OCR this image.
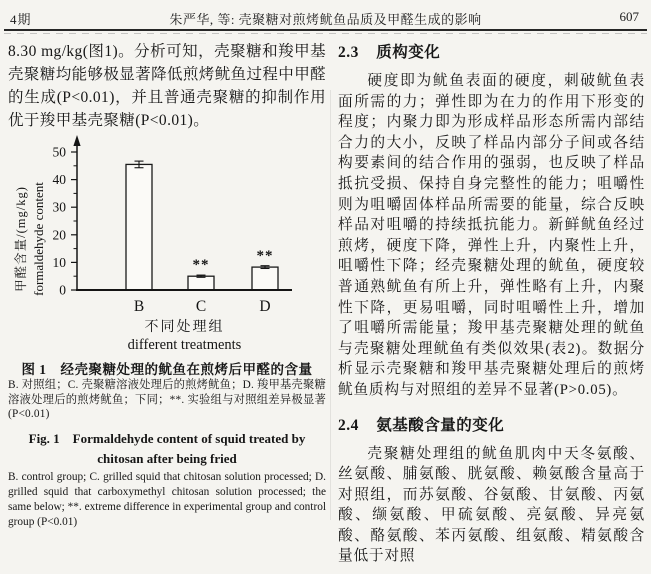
4期	朱严华, 等: 壳聚糖对煎烤鱿鱼品质及甲醛生成的影响	607

8.30 mg/kg(图1)。分析可知，壳聚糖和羧甲基壳聚糖均能够极显著降低煎烤鱿鱼过程中甲醛的生成(P<0.01)，并且普通壳聚糖的抑制作用优于羧甲基壳聚糖(P<0.01)。

B
**
C
**
D
0
10
20
30
40
50
甲醛含量/(mg/kg) formaldehyde content
不同处理组
different treatments
图 1　经壳聚糖处理的鱿鱼在煎烤后甲醛的含量
B. 对照组；C. 壳聚糖溶液处理后的煎烤鱿鱼；D. 羧甲基壳聚糖溶液处理后的煎烤鱿鱼；下同；**. 实验组与对照组差异极显著(P<0.01)
Fig. 1　Formaldehyde content of squid treated by
chitosan after being fried
B. control group; C. grilled squid that chitosan solution processed; D. grilled squid that carboxymethyl chitosan solution processed; the same below; **. extreme difference in experimental group and control group (P<0.01)
2.3 质构变化

硬度即为鱿鱼表面的硬度，刺破鱿鱼表面所需的力；弹性即为在力的作用下形变的程度；内聚力即为形成样品形态所需内部结合力的大小，反映了样品内部分子间或各结构要素间的结合作用的强弱，也反映了样品抵抗受损、保持自身完整性的能力；咀嚼性则为咀嚼固体样品所需要的能量，综合反映样品对咀嚼的持续抵抗能力。新鲜鱿鱼经过煎烤，硬度下降，弹性上升，内聚性上升，咀嚼性下降；经壳聚糖处理的鱿鱼，硬度较普通熟鱿鱼有所上升，弹性略有上升，内聚性下降，更易咀嚼，同时咀嚼性上升，增加了咀嚼所需能量；羧甲基壳聚糖处理的鱿鱼与壳聚糖处理鱿鱼有类似效果(表2)。数据分析显示壳聚糖和羧甲基壳聚糖处理后的煎烤鱿鱼质构与对照组的差异不显著(P>0.05)。

2.4 氨基酸含量的变化

壳聚糖处理组的鱿鱼肌肉中天冬氨酸、丝氨酸、脯氨酸、胱氨酸、赖氨酸含量高于对照组，而苏氨酸、谷氨酸、甘氨酸、丙氨酸、缬氨酸、甲硫氨酸、亮氨酸、异亮氨酸、酪氨酸、苯丙氨酸、组氨酸、精氨酸含量低于对照
